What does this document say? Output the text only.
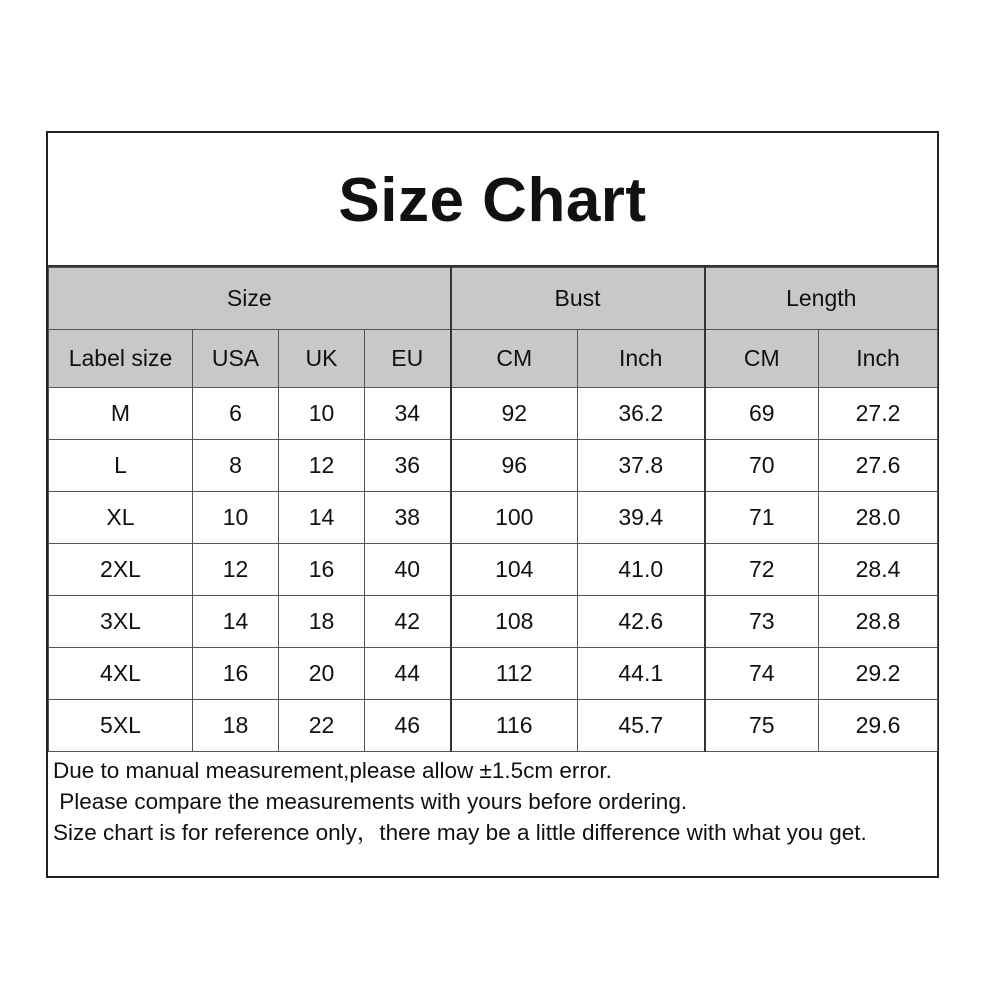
Size Chart
Size				Bust		Length	
Label size	USA	UK	EU	CM	Inch	CM	Inch
M	6	10	34	92	36.2	69	27.2
L	8	12	36	96	37.8	70	27.6
XL	10	14	38	100	39.4	71	28.0
2XL	12	16	40	104	41.0	72	28.4
3XL	14	18	42	108	42.6	73	28.8
4XL	16	20	44	112	44.1	74	29.2
5XL	18	22	46	116	45.7	75	29.6
Due to manual measurement,please allow ±1.5cm error.
Please compare the measurements with yours before ordering.
Size chart is for reference only，there may be a little difference with what you get.
